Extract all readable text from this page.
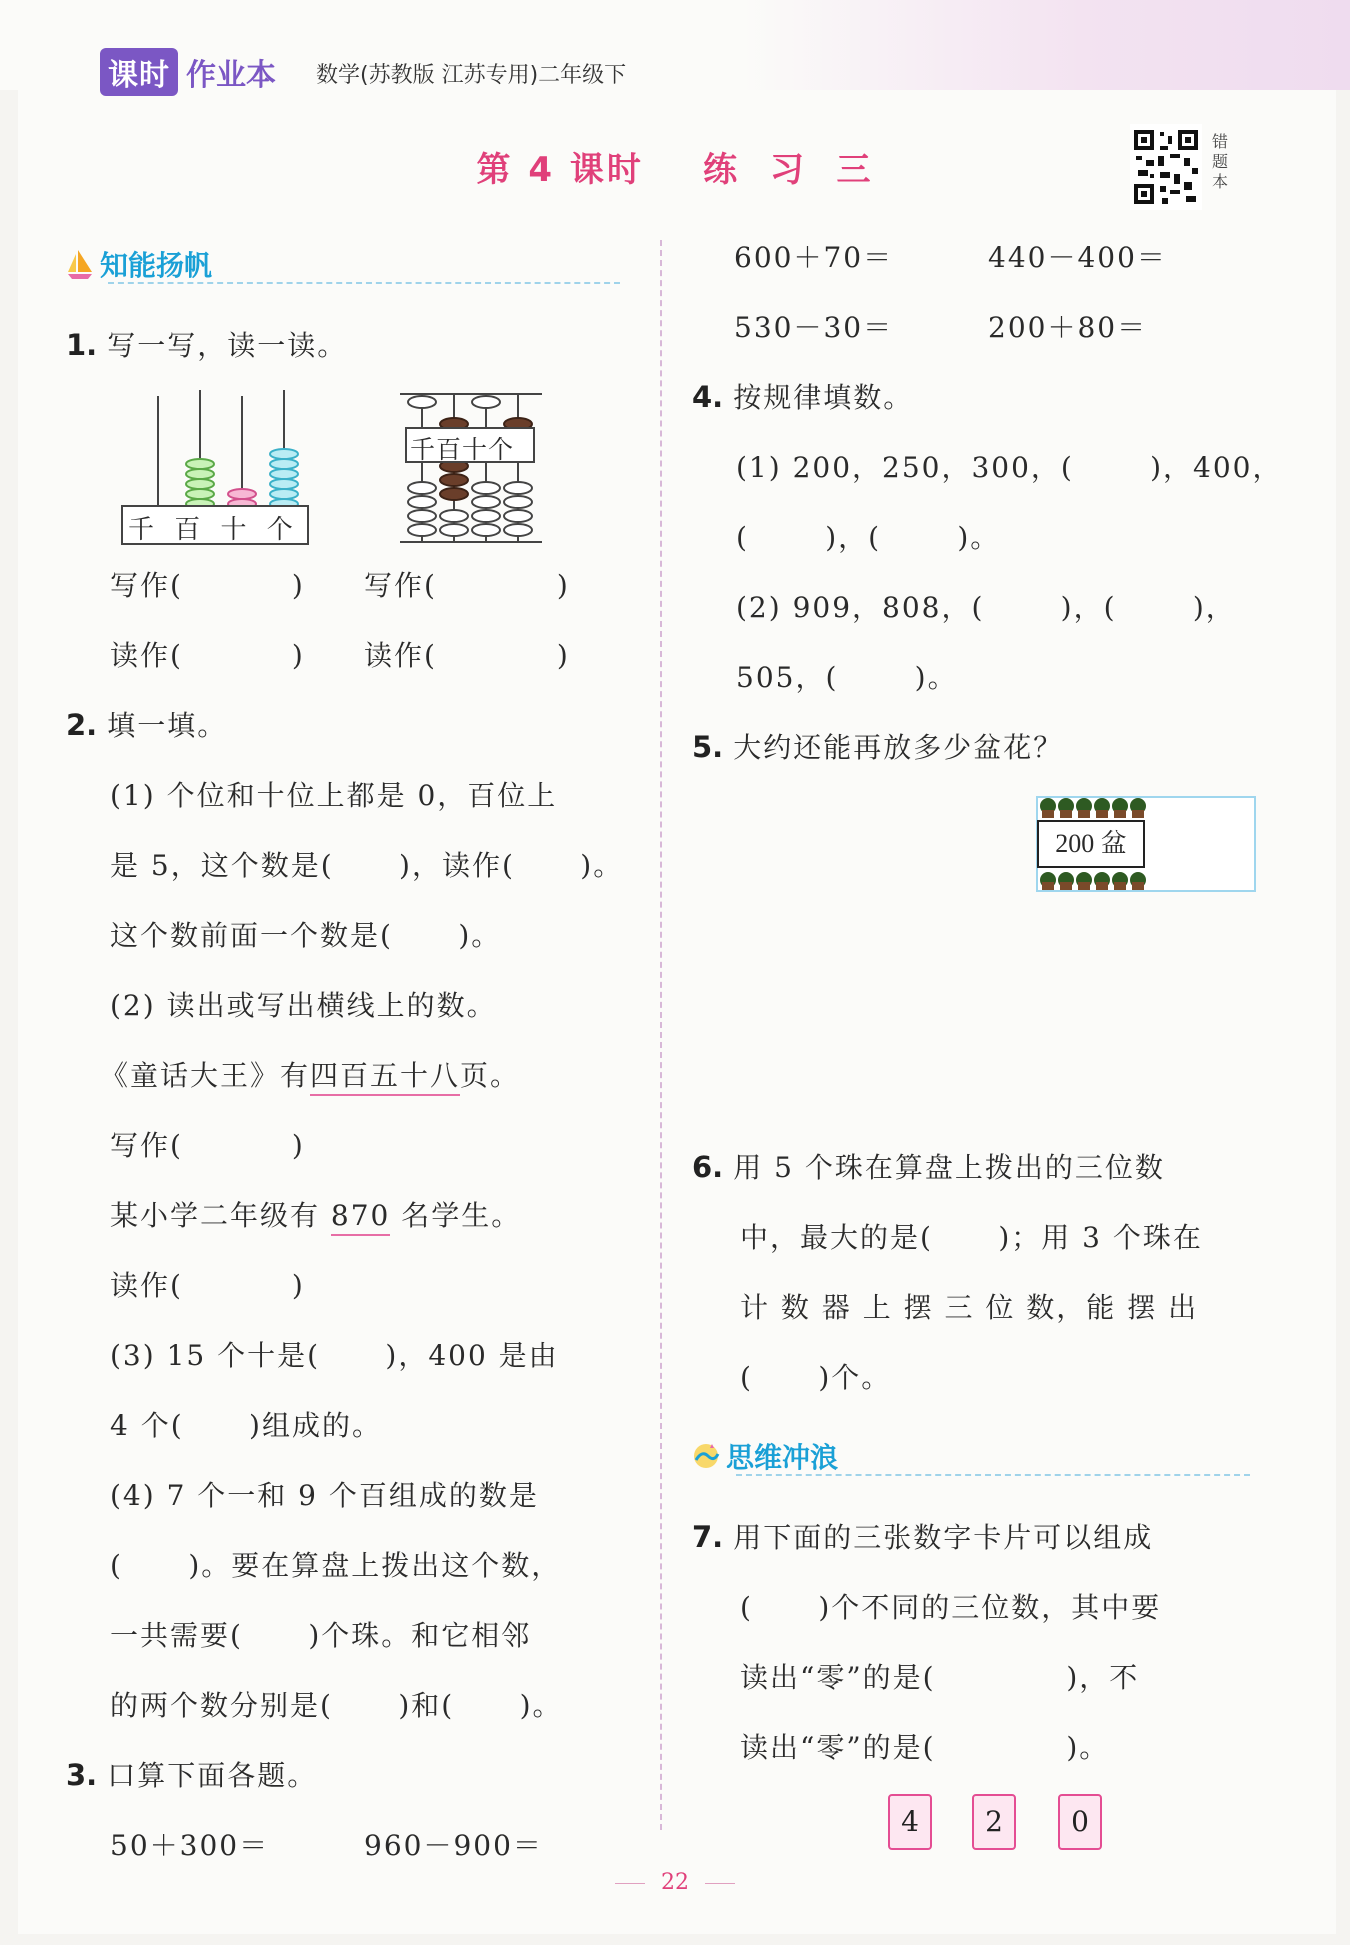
课时 作业本 数学(苏教版 江苏专用)二年级下
第 4 课时    练  习  三
错
题
本
知能扬帆
1. 写一写，读一读。
千 百 十 个
千百十个
写作(          ) 写作(           )
读作(          ) 读作(           )
2. 填一填。
(1) 个位和十位上都是 0，百位上
是 5，这个数是(      )，读作(      )。
这个数前面一个数是(      )。
(2) 读出或写出横线上的数。
《童话大王》有四百五十八页。
写作(          )
某小学二年级有 870 名学生。
读作(          )
(3) 15 个十是(      )，400 是由
4 个(      )组成的。
(4) 7 个一和 9 个百组成的数是
(      )。要在算盘上拨出这个数，
一共需要(      )个珠。和它相邻
的两个数分别是(      )和(      )。
3. 口算下面各题。
50＋300＝	960－900＝
600＋70＝	440－400＝
530－30＝	200＋80＝
4. 按规律填数。
(1) 200，250，300，(       )，400，
(       )，(       )。
(2) 909，808，(       )，(       )，
505，(       )。
5. 大约还能再放多少盆花？
200 盆
6. 用 5 个珠在算盘上拨出的三位数
中，最大的是(      )；用 3 个珠在
计 数 器 上 摆 三 位 数，能 摆 出
(      )个。
思维冲浪
7. 用下面的三张数字卡片可以组成
(      )个不同的三位数，其中要
读出“零”的是(            )，不
读出“零”的是(            )。
4	2	0
22
